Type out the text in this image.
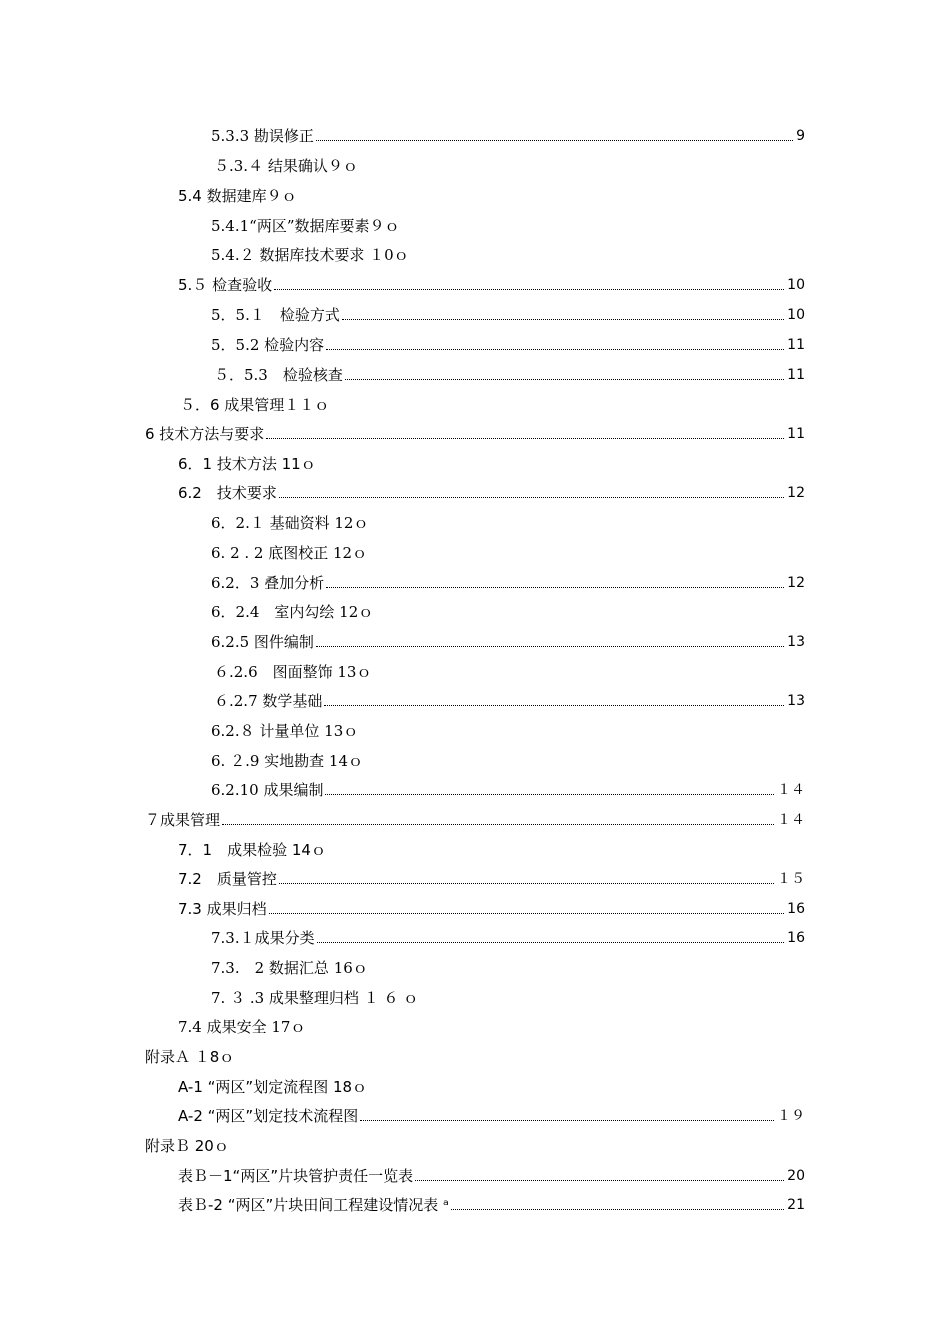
5.3.3 勘误修正	9
５.3.４ 结果确认９ｏ
5.4 数据建库９ｏ
5.4.1“两区”数据库要素９ｏ
5.4.２ 数据库技术要求 １0ｏ
5.５ 检查验收	10
5．5.１　检验方式	10
5．5.2 检验内容	11
５．5.3　检验核查	11
５．6 成果管理１１ｏ
6 技术方法与要求	11
6．1 技术方法 11ｏ
6.2　技术要求	12
6．2.１ 基础资料 12ｏ
6. 2 . 2 底图校正 12ｏ
6.2．3 叠加分析	12
6．2.4　室内勾绘 12ｏ
6.2.5 图件编制	13
６.2.6　图面整饰 13ｏ
６.2.7 数学基础	13
6.2.８ 计量单位 13ｏ
6. ２.9 实地勘查 14ｏ
6.2.10 成果编制	１４
７成果管理	１４
7．1　成果检验 14ｏ
7.2　质量管控	１５
7.3 成果归档	16
7.3.１成果分类	16
7.3.　2 数据汇总 16ｏ
7. ３ .3 成果整理归档 １ ６ ｏ
7.4 成果安全 17ｏ
附录Ａ １8ｏ
A-1 “两区”划定流程图 18ｏ
A-2 “两区”划定技术流程图	１９
附录Ｂ 20ｏ
表Ｂ－1“两区”片块管护责任一览表	20
表Ｂ-2 “两区”片块田间工程建设情况表 ᵃ	21
